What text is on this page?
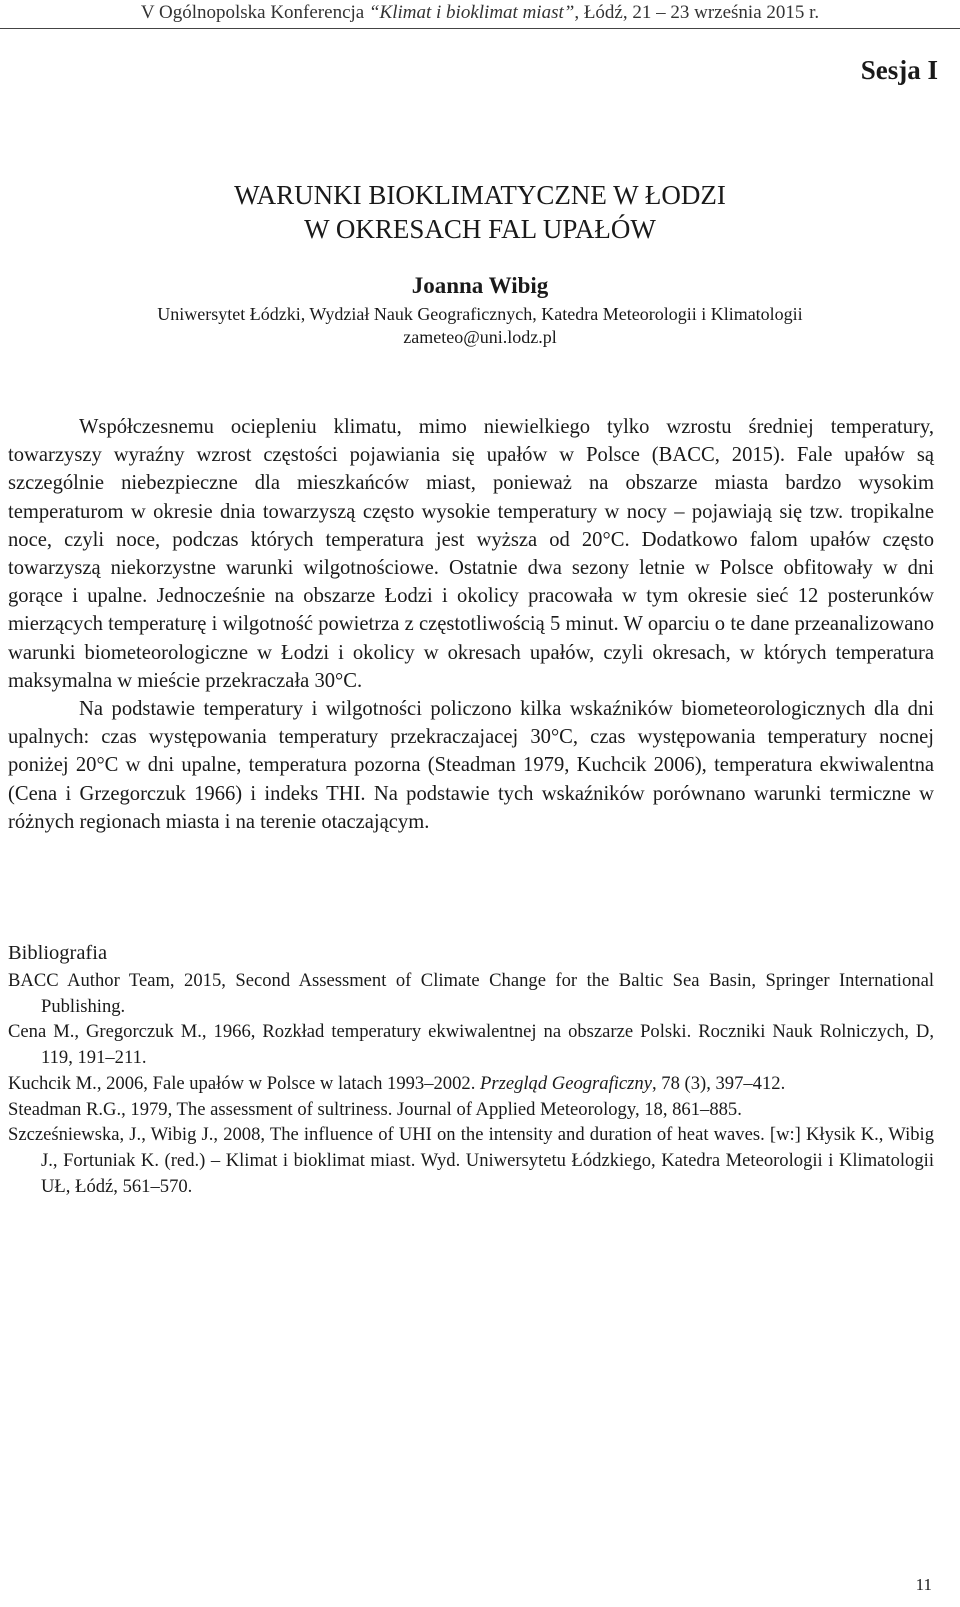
V Ogólnopolska Konferencja “Klimat i bioklimat miast”, Łódź, 21 – 23 września 2015 r.
Sesja I
WARUNKI BIOKLIMATYCZNE W ŁODZI
W OKRESACH FAL UPAŁÓW
Joanna Wibig
Uniwersytet Łódzki, Wydział Nauk Geograficznych, Katedra Meteorologii i Klimatologii
zameteo@uni.lodz.pl

Współczesnemu ociepleniu klimatu, mimo niewielkiego tylko wzrostu średniej temperatury, towarzyszy wyraźny wzrost częstości pojawiania się upałów w Polsce (BACC, 2015). Fale upałów są szczególnie niebezpieczne dla mieszkańców miast, ponieważ na obszarze miasta bardzo wysokim temperaturom w okresie dnia towarzyszą często wysokie temperatury w nocy – pojawiają się tzw. tropikalne noce, czyli noce, podczas których temperatura jest wyższa od 20°C. Dodatkowo falom upałów często towarzyszą niekorzystne warunki wilgotnościowe. Ostatnie dwa sezony letnie w Polsce obfitowały w dni gorące i upalne. Jednocześnie na obszarze Łodzi i okolicy pracowała w tym okresie sieć 12 posterunków mierzących temperaturę i wilgotność powietrza z częstotliwością 5 minut. W oparciu o te dane przeanalizowano warunki biometeorologiczne w Łodzi i okolicy w okresach upałów, czyli okresach, w których temperatura maksymalna w mieście przekraczała 30°C.

Na podstawie temperatury i wilgotności policzono kilka wskaźników biometeorologicznych dla dni upalnych: czas występowania temperatury przekraczajacej 30°C, czas występowania temperatury nocnej poniżej 20°C w dni upalne, temperatura pozorna (Steadman 1979, Kuchcik 2006), temperatura ekwiwalentna (Cena i Grzegorczuk 1966) i indeks THI. Na podstawie tych wskaźników porównano warunki termiczne w różnych regionach miasta i na terenie otaczającym.

Bibliografia
BACC Author Team, 2015, Second Assessment of Climate Change for the Baltic Sea Basin, Springer International Publishing.
Cena M., Gregorczuk M., 1966, Rozkład temperatury ekwiwalentnej na obszarze Polski. Roczniki Nauk Rolniczych, D, 119, 191–211.
Kuchcik M., 2006, Fale upałów w Polsce w latach 1993–2002. Przegląd Geograficzny, 78 (3), 397–412.
Steadman R.G., 1979, The assessment of sultriness. Journal of Applied Meteorology, 18, 861–885.
Szcześniewska, J., Wibig J., 2008, The influence of UHI on the intensity and duration of heat waves. [w:] Kłysik K., Wibig J., Fortuniak K. (red.) – Klimat i bioklimat miast. Wyd. Uniwersytetu Łódzkiego, Katedra Meteorologii i Klimatologii UŁ, Łódź, 561–570.
11
